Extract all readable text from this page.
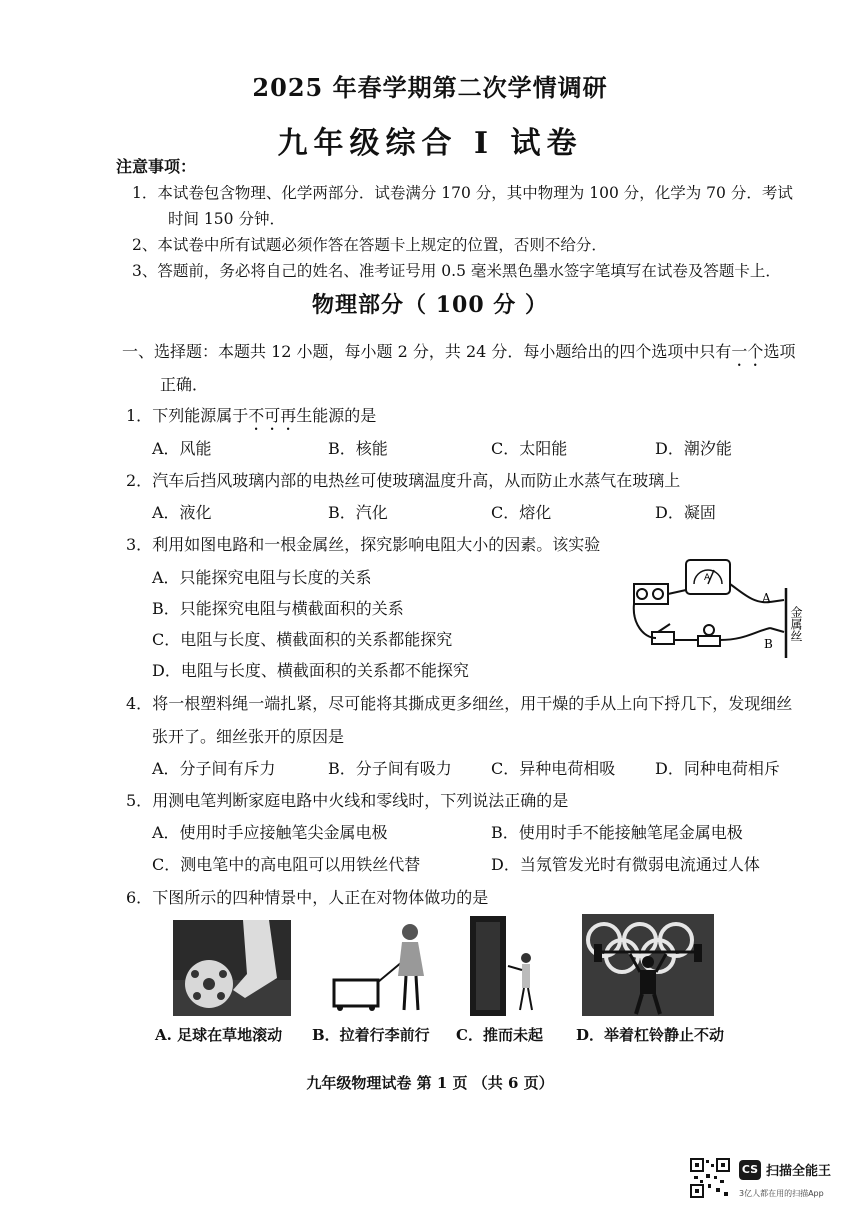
2025 年春学期第二次学情调研
九年级综合 I 试卷
注意事项：
1．本试卷包含物理、化学两部分．试卷满分 170 分，其中物理为 100 分，化学为 70 分．考试
时间 150 分钟．
2、本试卷中所有试题必须作答在答题卡上规定的位置，否则不给分．
3、答题前，务必将自己的姓名、准考证号用 0.5 毫米黑色墨水签字笔填写在试卷及答题卡上．
物理部分（ 100 分 ）
一、选择题：本题共 12 小题，每小题 2 分，共 24 分．每小题给出的四个选项中只有一个选项
正确．
1．下列能源属于不可再生能源的是
A．风能	B．核能	C．太阳能	D．潮汐能
2．汽车后挡风玻璃内部的电热丝可使玻璃温度升高，从而防止水蒸气在玻璃上
A．液化	B．汽化	C．熔化	D．凝固
3．利用如图电路和一根金属丝，探究影响电阻大小的因素。该实验
A．只能探究电阻与长度的关系
B．只能探究电阻与横截面积的关系
C．电阻与长度、横截面积的关系都能探究
D．电阻与长度、横截面积的关系都不能探究
A
A
B
金属丝
4．将一根塑料绳一端扎紧，尽可能将其撕成更多细丝，用干燥的手从上向下捋几下，发现细丝
张开了。细丝张开的原因是
A．分子间有斥力	B．分子间有吸力 C．异种电荷相吸 D．同种电荷相斥
5．用测电笔判断家庭电路中火线和零线时，下列说法正确的是
A．使用时手应接触笔尖金属电极	B．使用时手不能接触笔尾金属电极
C．测电笔中的高电阻可以用铁丝代替	D．当氖管发光时有微弱电流通过人体
6．下图所示的四种情景中，人正在对物体做功的是
A. 足球在草地滚动 B．拉着行李前行 C．推而未起 D．举着杠铃静止不动
九年级物理试卷 第 1 页 （共 6 页）
CS 扫描全能王
3亿人都在用的扫描App
